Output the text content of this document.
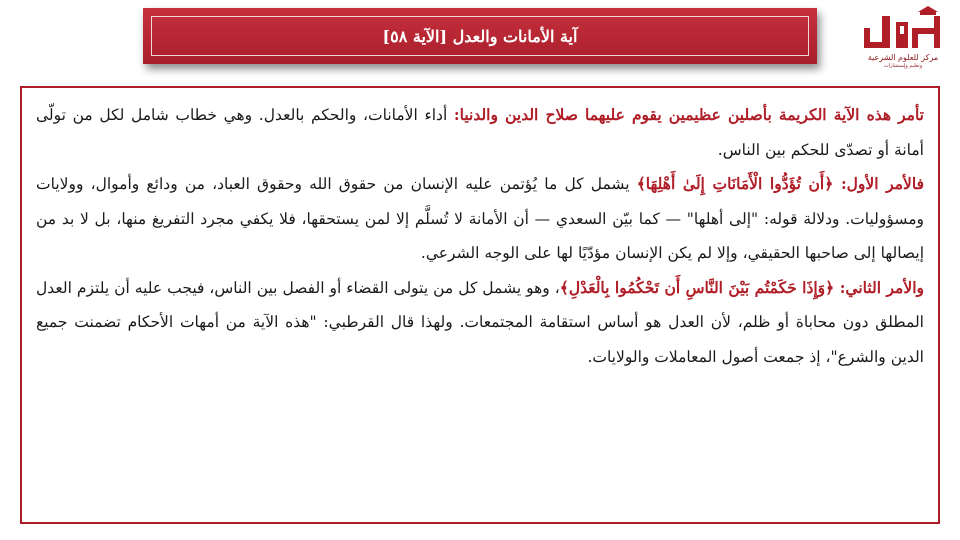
آية الأمانات والعدل [الآية ٥٨]
مركز للعلوم الشرعية
وتعليم وإستشارات
تأمر هذه الآية الكريمة بأصلين عظيمين يقوم عليهما صلاح الدين والدنيا: أداء الأمانات، والحكم بالعدل. وهي خطاب شامل لكل من تولّى أمانة أو تصدّى للحكم بين الناس.
فالأمر الأول: ﴿أَن تُؤَدُّوا الْأَمَانَاتِ إِلَىٰ أَهْلِهَا﴾ يشمل كل ما يُؤتمن عليه الإنسان من حقوق الله وحقوق العباد، من ودائع وأموال، وولايات ومسؤوليات. ودلالة قوله: "إلى أهلها" — كما بيّن السعدي — أن الأمانة لا تُسلَّم إلا لمن يستحقها، فلا يكفي مجرد التفريغ منها، بل لا بد من إيصالها إلى صاحبها الحقيقي، وإلا لم يكن الإنسان مؤدّيًا لها على الوجه الشرعي.
والأمر الثاني: ﴿وَإِذَا حَكَمْتُم بَيْنَ النَّاسِ أَن تَحْكُمُوا بِالْعَدْلِ﴾، وهو يشمل كل من يتولى القضاء أو الفصل بين الناس، فيجب عليه أن يلتزم العدل المطلق دون محاباة أو ظلم، لأن العدل هو أساس استقامة المجتمعات. ولهذا قال القرطبي: "هذه الآية من أمهات الأحكام تضمنت جميع الدين والشرع"، إذ جمعت أصول المعاملات والولايات.
